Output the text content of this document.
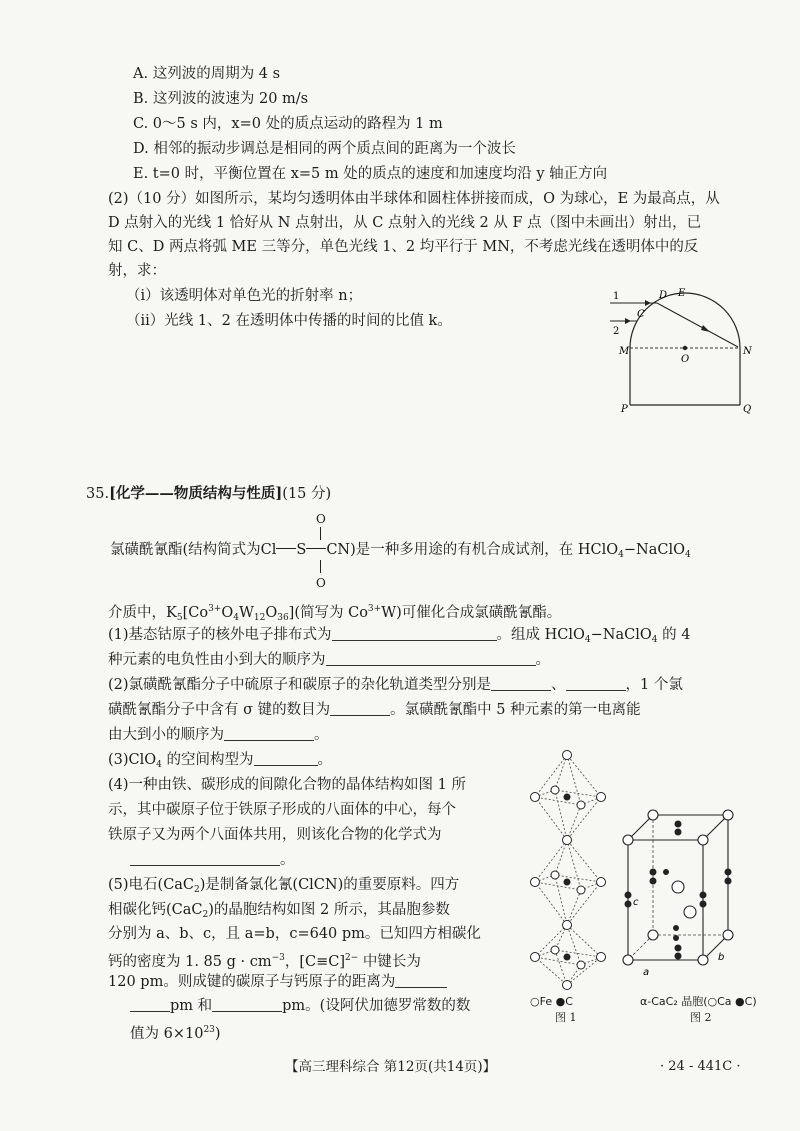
A. 这列波的周期为 4 s
B. 这列波的波速为 20 m/s
C. 0～5 s 内，x=0 处的质点运动的路程为 1 m
D. 相邻的振动步调总是相同的两个质点间的距离为一个波长
E. t=0 时，平衡位置在 x=5 m 处的质点的速度和加速度均沿 y 轴正方向
(2)（10 分）如图所示，某均匀透明体由半球体和圆柱体拼接而成，O 为球心，E 为最高点，从
D 点射入的光线 1 恰好从 N 点射出，从 C 点射入的光线 2 从 F 点（图中未画出）射出，已
知 C、D 两点将弧 ME 三等分，单色光线 1、2 均平行于 MN，不考虑光线在透明体中的反
射，求：
（ⅰ）该透明体对单色光的折射率 n；
（ⅱ）光线 1、2 在透明体中传播的时间的比值 k。
1
2
D E
C
M
O
N
P	Q
35.[化学——物质结构与性质](15 分)
O
氯磺酰氰酯(结构简式为Cl S CN)是一种多用途的有机合成试剂，在 HClO$_4$−NaClO$_4$
O
介质中，$K_5[Co^{3+}O_4W_{12}O_{36}]$(简写为 $Co^{3+}W$)可催化合成氯磺酰氰酯。
(1)基态钴原子的核外电子排布式为	。组成 HClO$_4$−NaClO$_4$ 的 4
种元素的电负性由小到大的顺序为	。
(2)氯磺酰氰酯分子中硫原子和碳原子的杂化轨道类型分别是	、	，1 个氯
磺酰氰酯分子中含有 σ 键的数目为	。氯磺酰氰酯中 5 种元素的第一电离能
由大到小的顺序为	。
(3)ClO$_4$ 的空间构型为	。
(4)一种由铁、碳形成的间隙化合物的晶体结构如图 1 所
示，其中碳原子位于铁原子形成的八面体的中心，每个
铁原子又为两个八面体共用，则该化合物的化学式为
。
(5)电石(CaC$_2$)是制备氯化氰(ClCN)的重要原料。四方
相碳化钙(CaC$_2$)的晶胞结构如图 2 所示，其晶胞参数
分别为 a、b、c，且 a=b，c=640 pm。已知四方相碳化
钙的密度为 1. 85 $g \cdot cm^{-3}$，$[C\equiv C]^{2-}$ 中键长为
120 pm。则成键的碳原子与钙原子的距离为
pm 和	pm。(设阿伏加德罗常数的数
值为 $6\times 10^{23}$)
○Fe ●C
图 1
c
a
b
α-CaC₂ 晶胞(○Ca ●C)
图 2
【高三理科综合 第12页(共14页)】	· 24 - 441C ·
